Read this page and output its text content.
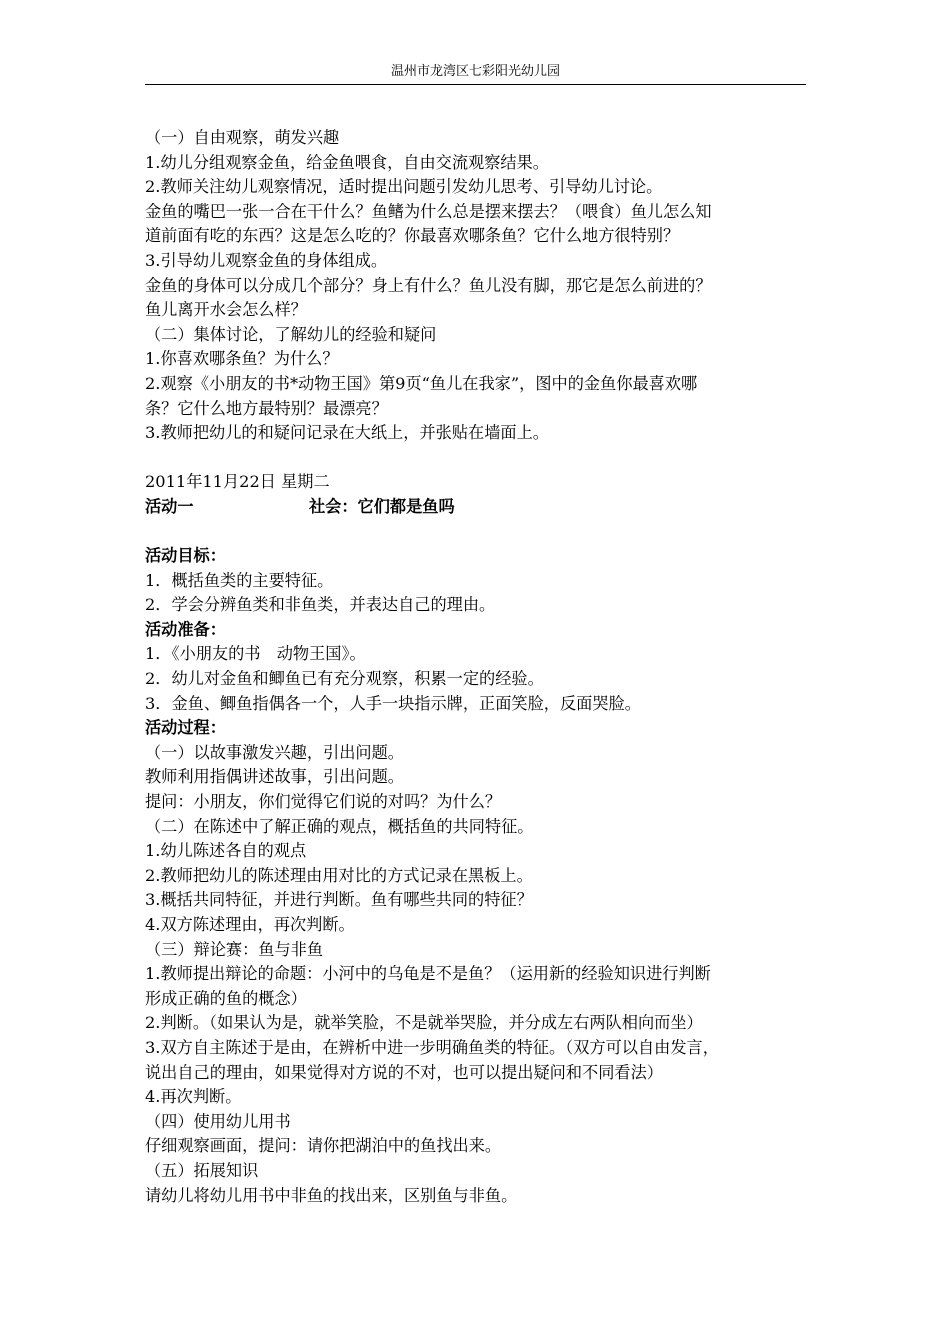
温州市龙湾区七彩阳光幼儿园
（一）自由观察，萌发兴趣
1.幼儿分组观察金鱼，给金鱼喂食，自由交流观察结果。
2.教师关注幼儿观察情况，适时提出问题引发幼儿思考、引导幼儿讨论。
金鱼的嘴巴一张一合在干什么？鱼鳍为什么总是摆来摆去？（喂食）鱼儿怎么知
道前面有吃的东西？这是怎么吃的？你最喜欢哪条鱼？它什么地方很特别？
3.引导幼儿观察金鱼的身体组成。
金鱼的身体可以分成几个部分？身上有什么？鱼儿没有脚，那它是怎么前进的？
鱼儿离开水会怎么样？
（二）集体讨论，了解幼儿的经验和疑问
1.你喜欢哪条鱼？为什么？
2.观察《小朋友的书*动物王国》第9页“鱼儿在我家”，图中的金鱼你最喜欢哪
条？它什么地方最特别？最漂亮？
3.教师把幼儿的和疑问记录在大纸上，并张贴在墙面上。
2011年11月22日 星期二
活动一	社会：它们都是鱼吗
活动目标：
1．概括鱼类的主要特征。
2．学会分辨鱼类和非鱼类，并表达自己的理由。
活动准备：
1．《小朋友的书　动物王国》。
2．幼儿对金鱼和鲫鱼已有充分观察，积累一定的经验。
3．金鱼、鲫鱼指偶各一个，人手一块指示牌，正面笑脸，反面哭脸。
活动过程：
（一）以故事激发兴趣，引出问题。
教师利用指偶讲述故事，引出问题。
提问：小朋友，你们觉得它们说的对吗？为什么？
（二）在陈述中了解正确的观点，概括鱼的共同特征。
1.幼儿陈述各自的观点
2.教师把幼儿的陈述理由用对比的方式记录在黑板上。
3.概括共同特征，并进行判断。鱼有哪些共同的特征？
4.双方陈述理由，再次判断。
（三）辩论赛：鱼与非鱼
1.教师提出辩论的命题：小河中的乌龟是不是鱼？（运用新的经验知识进行判断
形成正确的鱼的概念）
2.判断。（如果认为是，就举笑脸，不是就举哭脸，并分成左右两队相向而坐）
3.双方自主陈述于是由，在辨析中进一步明确鱼类的特征。（双方可以自由发言，
说出自己的理由，如果觉得对方说的不对，也可以提出疑问和不同看法）
4.再次判断。
（四）使用幼儿用书
仔细观察画面，提问：请你把湖泊中的鱼找出来。
（五）拓展知识
请幼儿将幼儿用书中非鱼的找出来，区别鱼与非鱼。
